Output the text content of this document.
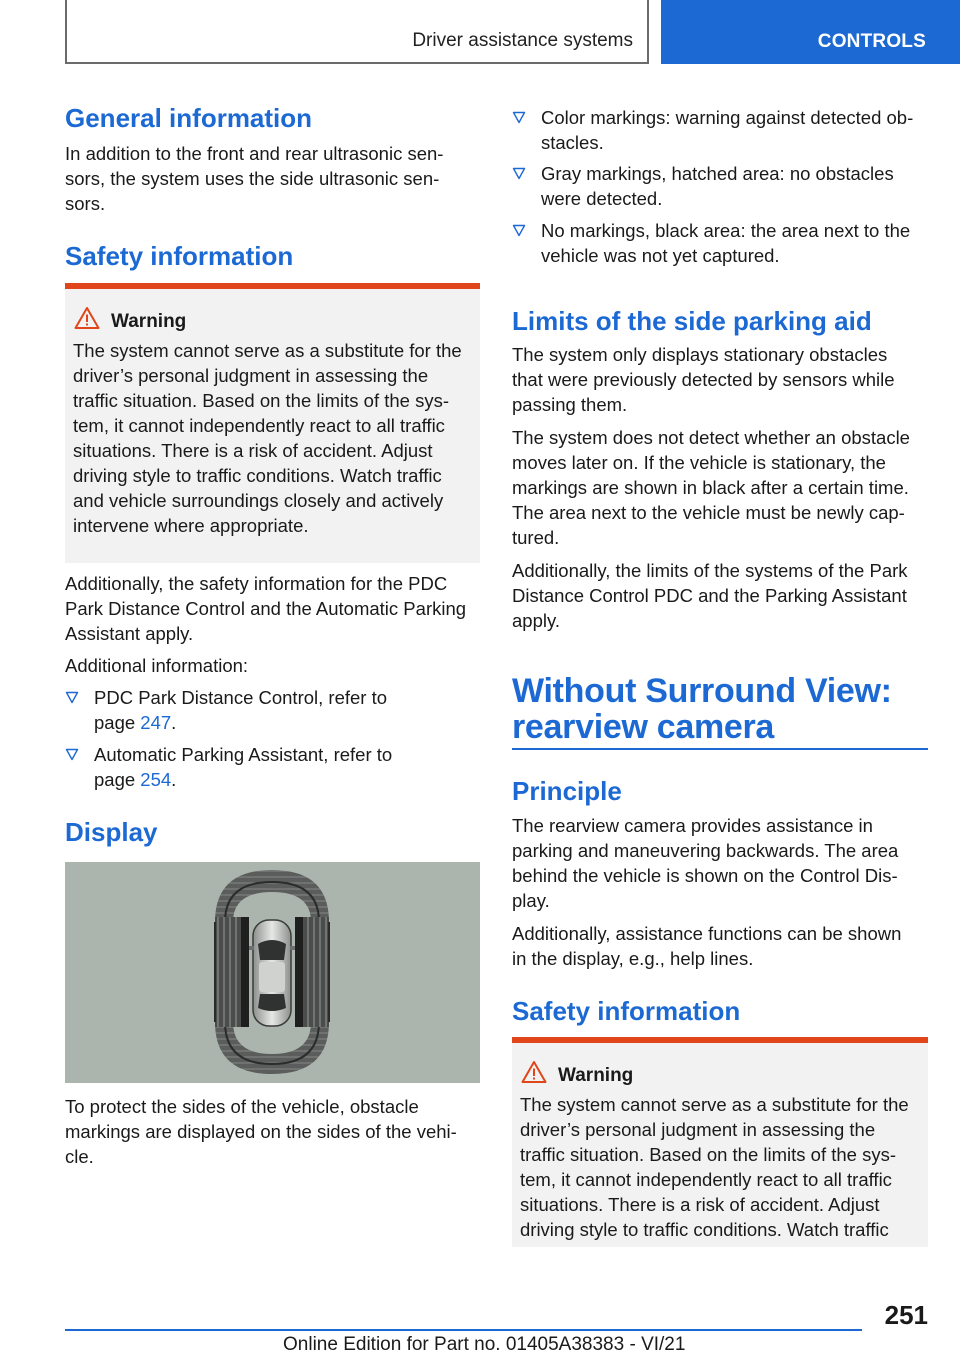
Driver assistance systems	CONTROLS
General information
In addition to the front and rear ultrasonic sen‐
sors, the system uses the side ultrasonic sen‐
sors.
Safety information
Warning
The system cannot serve as a substitute for the
driver’s personal judgment in assessing the
traffic situation. Based on the limits of the sys‐
tem, it cannot independently react to all traffic
situations. There is a risk of accident. Adjust
driving style to traffic conditions. Watch traffic
and vehicle surroundings closely and actively
intervene where appropriate.
Additionally, the safety information for the PDC
Park Distance Control and the Automatic Parking
Assistant apply.
Additional information:
PDC Park Distance Control, refer to
page 247.
Automatic Parking Assistant, refer to
page 254.
Display
To protect the sides of the vehicle, obstacle
markings are displayed on the sides of the vehi‐
cle.
Color markings: warning against detected ob‐
stacles.
Gray markings, hatched area: no obstacles
were detected.
No markings, black area: the area next to the
vehicle was not yet captured.
Limits of the side parking aid
The system only displays stationary obstacles
that were previously detected by sensors while
passing them.
The system does not detect whether an obstacle
moves later on. If the vehicle is stationary, the
markings are shown in black after a certain time.
The area next to the vehicle must be newly cap‐
tured.
Additionally, the limits of the systems of the Park
Distance Control PDC and the Parking Assistant
apply.
Without Surround View:
rearview camera
Principle
The rearview camera provides assistance in
parking and maneuvering backwards. The area
behind the vehicle is shown on the Control Dis‐
play.
Additionally, assistance functions can be shown
in the display, e.g., help lines.
Safety information
Warning
The system cannot serve as a substitute for the
driver’s personal judgment in assessing the
traffic situation. Based on the limits of the sys‐
tem, it cannot independently react to all traffic
situations. There is a risk of accident. Adjust
driving style to traffic conditions. Watch traffic
251
Online Edition for Part no. 01405A38383 - VI/21
